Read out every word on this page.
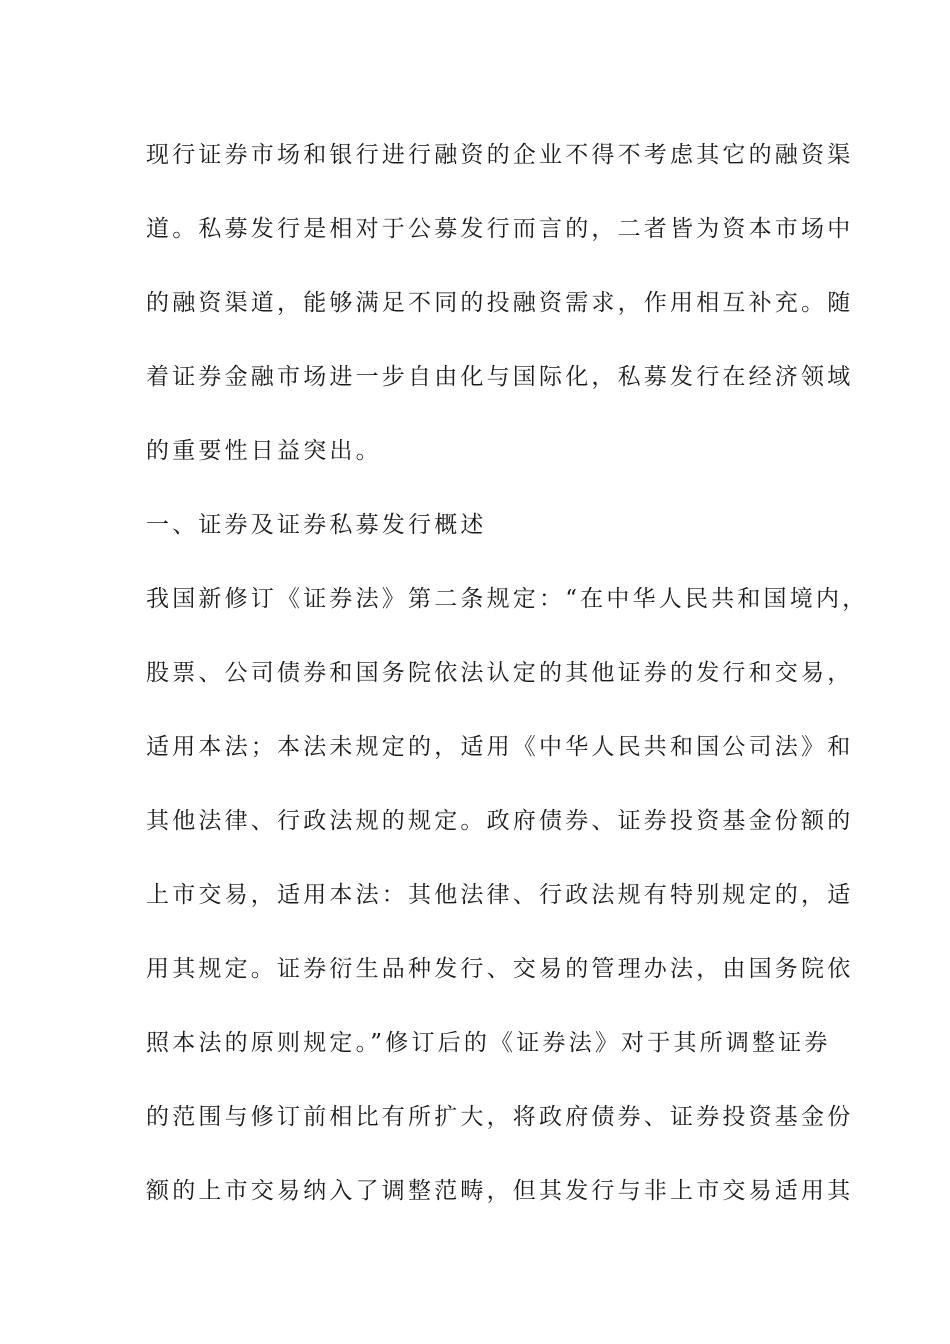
现行证券市场和银行进行融资的企业不得不考虑其它的融资渠
道。私募发行是相对于公募发行而言的，二者皆为资本市场中
的融资渠道，能够满足不同的投融资需求，作用相互补充。随
着证券金融市场进一步自由化与国际化，私募发行在经济领域
的重要性日益突出。
一、证券及证券私募发行概述
我国新修订《证券法》第二条规定：“在中华人民共和国境内，
股票、公司债券和国务院依法认定的其他证券的发行和交易，
适用本法；本法未规定的，适用《中华人民共和国公司法》和
其他法律、行政法规的规定。政府债券、证券投资基金份额的
上市交易，适用本法：其他法律、行政法规有特别规定的，适
用其规定。证券衍生品种发行、交易的管理办法，由国务院依
照本法的原则规定。”修订后的《证券法》对于其所调整证券
的范围与修订前相比有所扩大，将政府债券、证券投资基金份
额的上市交易纳入了调整范畴，但其发行与非上市交易适用其
